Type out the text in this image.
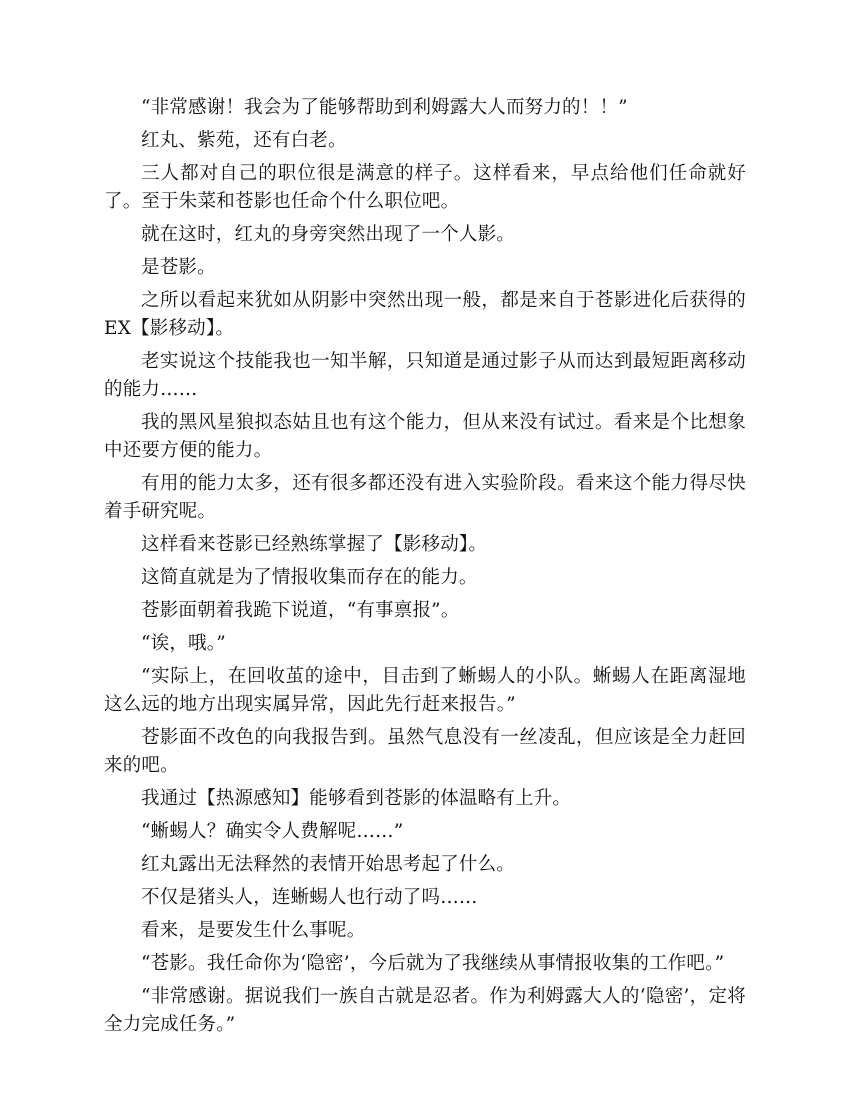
“非常感谢！我会为了能够帮助到利姆露大人而努力的！！”

红丸、紫苑，还有白老。

三人都对自己的职位很是满意的样子。这样看来，早点给他们任命就好了。至于朱菜和苍影也任命个什么职位吧。

就在这时，红丸的身旁突然出现了一个人影。

是苍影。

之所以看起来犹如从阴影中突然出现一般，都是来自于苍影进化后获得的EX【影移动】。

老实说这个技能我也一知半解，只知道是通过影子从而达到最短距离移动的能力……

我的黑风星狼拟态姑且也有这个能力，但从来没有试过。看来是个比想象中还要方便的能力。

有用的能力太多，还有很多都还没有进入实验阶段。看来这个能力得尽快着手研究呢。

这样看来苍影已经熟练掌握了【影移动】。

这简直就是为了情报收集而存在的能力。

苍影面朝着我跪下说道，“有事禀报”。

“诶，哦。”

“实际上，在回收茧的途中，目击到了蜥蜴人的小队。蜥蜴人在距离湿地这么远的地方出现实属异常，因此先行赶来报告。”

苍影面不改色的向我报告到。虽然气息没有一丝凌乱，但应该是全力赶回来的吧。

我通过【热源感知】能够看到苍影的体温略有上升。

“蜥蜴人？确实令人费解呢……”

红丸露出无法释然的表情开始思考起了什么。

不仅是猪头人，连蜥蜴人也行动了吗……

看来，是要发生什么事呢。

“苍影。我任命你为‘隐密’，今后就为了我继续从事情报收集的工作吧。”

“非常感谢。据说我们一族自古就是忍者。作为利姆露大人的‘隐密’，定将全力完成任务。”
